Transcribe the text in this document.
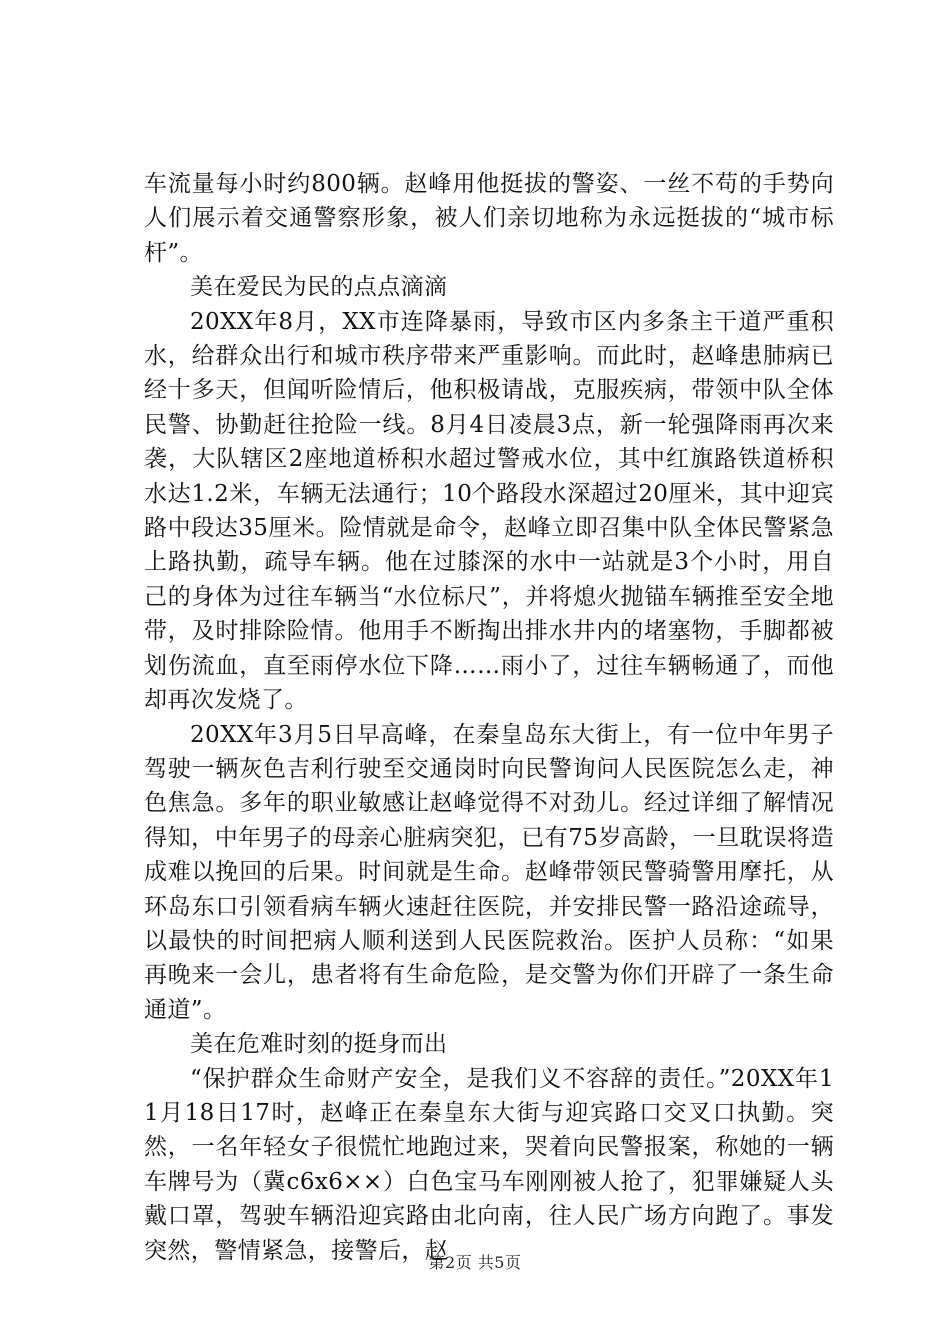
车流量每小时约800辆。赵峰用他挺拔的警姿、一丝不苟的手势向人们展示着交通警察形象，被人们亲切地称为永远挺拔的“城市标杆”。

美在爱民为民的点点滴滴

20XX年8月，XX市连降暴雨，导致市区内多条主干道严重积水，给群众出行和城市秩序带来严重影响。而此时，赵峰患肺病已经十多天，但闻听险情后，他积极请战，克服疾病，带领中队全体民警、协勤赶往抢险一线。8月4日凌晨3点，新一轮强降雨再次来袭，大队辖区2座地道桥积水超过警戒水位，其中红旗路铁道桥积水达1.2米，车辆无法通行；10个路段水深超过20厘米，其中迎宾路中段达35厘米。险情就是命令，赵峰立即召集中队全体民警紧急上路执勤，疏导车辆。他在过膝深的水中一站就是3个小时，用自己的身体为过往车辆当“水位标尺”，并将熄火抛锚车辆推至安全地带，及时排除险情。他用手不断掏出排水井内的堵塞物，手脚都被划伤流血，直至雨停水位下降……雨小了，过往车辆畅通了，而他却再次发烧了。

20XX年3月5日早高峰，在秦皇岛东大街上，有一位中年男子驾驶一辆灰色吉利行驶至交通岗时向民警询问人民医院怎么走，神色焦急。多年的职业敏感让赵峰觉得不对劲儿。经过详细了解情况得知，中年男子的母亲心脏病突犯，已有75岁高龄，一旦耽误将造成难以挽回的后果。时间就是生命。赵峰带领民警骑警用摩托，从环岛东口引领看病车辆火速赶往医院，并安排民警一路沿途疏导，以最快的时间把病人顺利送到人民医院救治。医护人员称：“如果再晚来一会儿，患者将有生命危险，是交警为你们开辟了一条生命通道”。

美在危难时刻的挺身而出

“保护群众生命财产安全，是我们义不容辞的责任。”20XX年11月18日17时，赵峰正在秦皇东大街与迎宾路口交叉口执勤。突然，一名年轻女子很慌忙地跑过来，哭着向民警报案，称她的一辆车牌号为（冀c6x6××）白色宝马车刚刚被人抢了，犯罪嫌疑人头戴口罩，驾驶车辆沿迎宾路由北向南，往人民广场方向跑了。事发突然，警情紧急，接警后，赵

第2页 共5页
